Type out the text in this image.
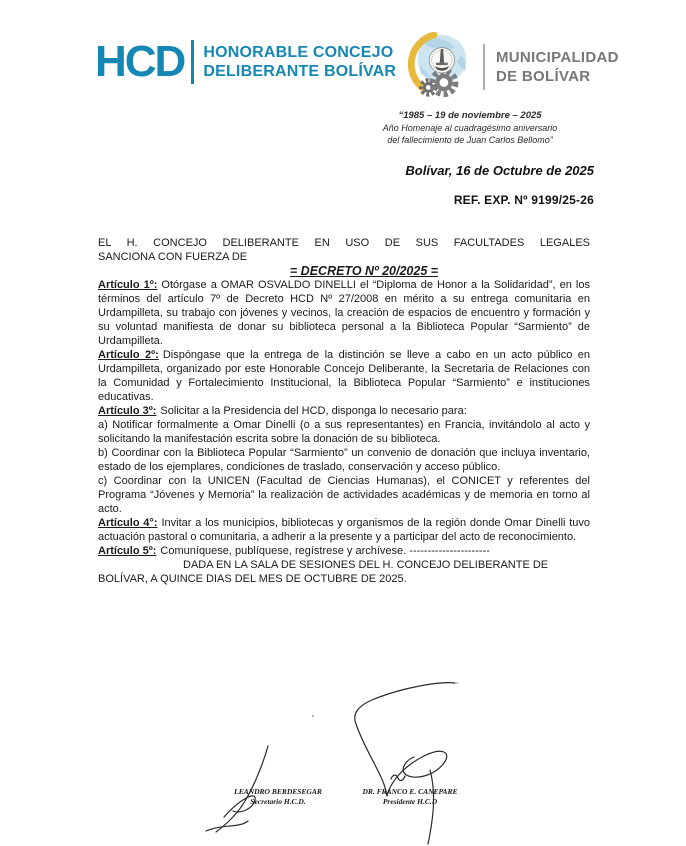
HCD HONORABLE CONCEJO
DELIBERANTE BOLÍVAR
MUNICIPALIDAD
DE BOLÍVAR
“1985 – 19 de noviembre – 2025
Año Homenaje al cuadragésimo aniversario
del fallecimiento de Juan Carlos Bellomo”
Bolívar, 16 de Octubre de 2025
REF. EXP. Nº 9199/25-26

EL H. CONCEJO DELIBERANTE EN USO DE SUS FACULTADES LEGALES
SANCIONA CON FUERZA DE

= DECRETO Nº 20/2025 =

Artículo 1º: Otórgase a OMAR OSVALDO DINELLI el “Diploma de Honor a la Solidaridad”, en los términos del artículo 7º de Decreto HCD Nº 27/2008 en mérito a su entrega comunitaria en Urdampilleta, su trabajo con jóvenes y vecinos, la creación de espacios de encuentro y formación y su voluntad manifiesta de donar su biblioteca personal a la Biblioteca Popular “Sarmiento” de Urdampilleta.

Artículo 2º: Dispóngase que la entrega de la distinción se lleve a cabo en un acto público en Urdampilleta, organizado por este Honorable Concejo Deliberante, la Secretaria de Relaciones con la Comunidad y Fortalecimiento Institucional, la Biblioteca Popular “Sarmiento” e instituciones educativas.

Artículo 3º: Solicitar a la Presidencia del HCD, disponga lo necesario para:

a) Notificar formalmente a Omar Dinelli (o a sus representantes) en Francia, invitándolo al acto y solicitando la manifestación escrita sobre la donación de su biblioteca.

b) Coordinar con la Biblioteca Popular “Sarmiento” un convenio de donación que incluya inventario, estado de los ejemplares, condiciones de traslado, conservación y acceso público.

c) Coordinar con la UNICEN (Facultad de Ciencias Humanas), el CONICET y referentes del Programa “Jóvenes y Memoria” la realización de actividades académicas y de memoria en torno al acto.

Artículo 4°: Invitar a los municipios, bibliotecas y organismos de la región donde Omar Dinelli tuvo actuación pastoral o comunitaria, a adherir a la presente y a participar del acto de reconocimiento.

Artículo 5º: Comuníquese, publíquese, regístrese y archívese. ----------------------

DADA EN LA SALA DE SESIONES DEL H. CONCEJO DELIBERANTE DE BOLÍVAR, A QUINCE DIAS DEL MES DE OCTUBRE DE 2025.

LEANDRO BERDESEGAR
Secretario H.C.D.
DR. FRANCO E. CANEPARE
Presidente H.C.D
